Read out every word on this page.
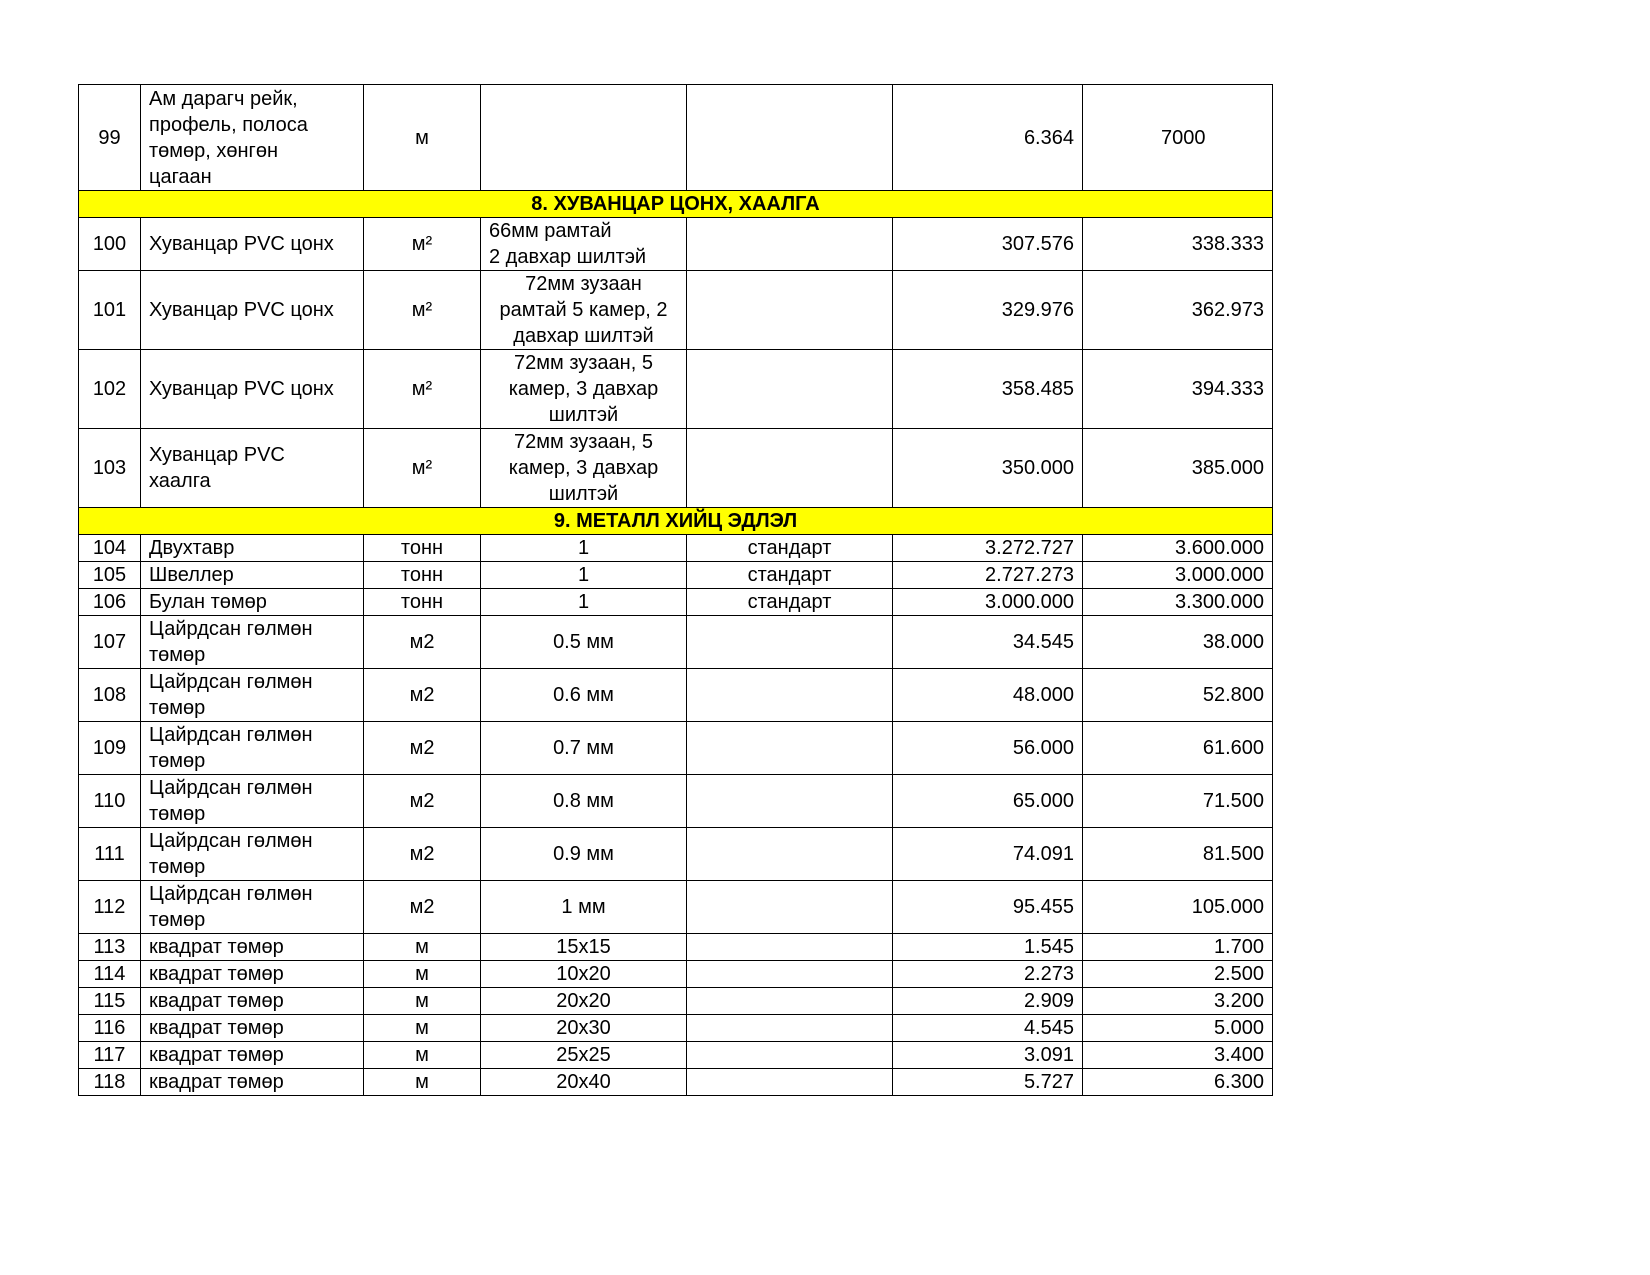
99	Ам дарагч рейк,
профель, полоса
төмөр, хөнгөн
цагаан	м			6.364	7000
8. ХУВАНЦАР ЦОНХ, ХААЛГА						
100	Хуванцар PVC цонх	м²	66мм рамтай
2 давхар шилтэй		307.576	338.333
101	Хуванцар PVC цонх	м²	72мм зузаан
рамтай 5 камер, 2
давхар шилтэй		329.976	362.973
102	Хуванцар PVC цонх	м²	72мм зузаан, 5
камер, 3 давхар
шилтэй		358.485	394.333
103	Хуванцар PVC
хаалга	м²	72мм зузаан, 5
камер, 3 давхар
шилтэй		350.000	385.000
9. МЕТАЛЛ ХИЙЦ ЭДЛЭЛ						
104	Двухтавр	тонн	1	стандарт	3.272.727	3.600.000
105	Швеллер	тонн	1	стандарт	2.727.273	3.000.000
106	Булан төмөр	тонн	1	стандарт	3.000.000	3.300.000
107	Цайрдсан гөлмөн
төмөр	м2	0.5 мм		34.545	38.000
108	Цайрдсан гөлмөн
төмөр	м2	0.6 мм		48.000	52.800
109	Цайрдсан гөлмөн
төмөр	м2	0.7 мм		56.000	61.600
110	Цайрдсан гөлмөн
төмөр	м2	0.8 мм		65.000	71.500
111	Цайрдсан гөлмөн
төмөр	м2	0.9 мм		74.091	81.500
112	Цайрдсан гөлмөн
төмөр	м2	1 мм		95.455	105.000
113	квадрат төмөр	м	15x15		1.545	1.700
114	квадрат төмөр	м	10x20		2.273	2.500
115	квадрат төмөр	м	20x20		2.909	3.200
116	квадрат төмөр	м	20x30		4.545	5.000
117	квадрат төмөр	м	25x25		3.091	3.400
118	квадрат төмөр	м	20x40		5.727	6.300
